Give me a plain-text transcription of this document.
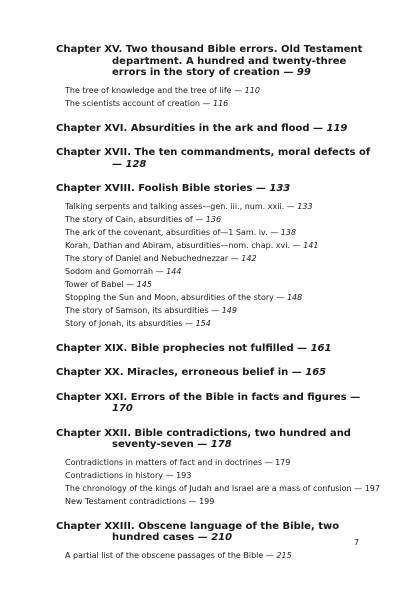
Chapter XV. Two thousand Bible errors. Old Testament department. A hundred and twenty-three errors in the story of creation — 99
The tree of knowledge and the tree of life — 110
The scientists account of creation — 116
Chapter XVI. Absurdities in the ark and flood — 119
Chapter XVII. The ten commandments, moral defects of — 128
Chapter XVIII. Foolish Bible stories — 133
Talking serpents and talking asses—gen. iii., num. xxii. — 133
The story of Cain, absurdities of — 136
The ark of the covenant, absurdities of—1 Sam. iv. — 138
Korah, Dathan and Abiram, absurdities—nom. chap. xvi. — 141
The story of Daniel and Nebuchednezzar — 142
Sodom and Gomorrah — 144
Tower of Babel — 145
Stopping the Sun and Moon, absurdities of the story — 148
The story of Samson, its absurdities — 149
Story of Jonah, its absurdities — 154
Chapter XIX. Bible prophecies not fulfilled — 161
Chapter XX. Miracles, erroneous belief in — 165
Chapter XXI. Errors of the Bible in facts and figures — 170
Chapter XXII. Bible contradictions, two hundred and seventy-seven — 178
Contradictions in matters of fact and in doctrines — 179
Contradictions in history — 193
The chronology of the kings of Judah and Israel are a mass of confusion — 197
New Testament contradictions — 199
Chapter XXIII. Obscene language of the Bible, two hundred cases — 210
A partial list of the obscene passages of the Bible — 215
7
